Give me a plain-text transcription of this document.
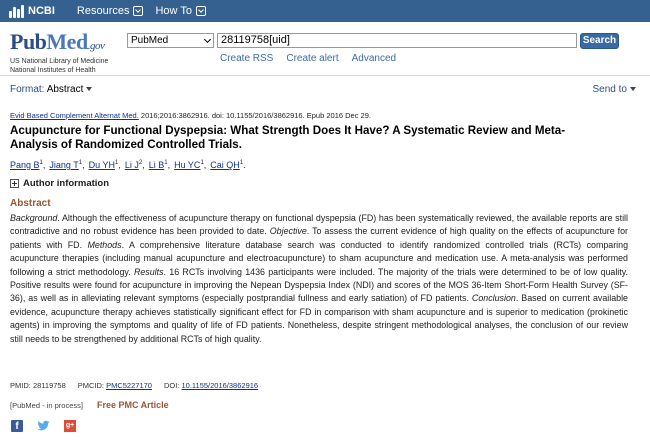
NCBI Resources How To
PubMed.gov
US National Library of Medicine
National Institutes of Health
PubMed	28119758[uid]	Search
Create RSS Create alert Advanced
Format: Abstract	Send to
Evid Based Complement Alternat Med. 2016;2016:3862916. doi: 10.1155/2016/3862916. Epub 2016 Dec 29.
Acupuncture for Functional Dyspepsia: What Strength Does It Have? A Systematic Review and Meta-Analysis of Randomized Controlled Trials.
Pang $B^1$, Jiang $T^1$, Du $YH^1$, Li $J^2$, Li $B^1$, Hu $YC^1$, Cai $QH^1$.
Author information
Abstract
Background. Although the effectiveness of acupuncture therapy on functional dyspepsia (FD) has been systematically reviewed, the available reports are still contradictive and no robust evidence has been provided to date. Objective. To assess the current evidence of high quality on the effects of acupuncture for patients with FD. Methods. A comprehensive literature database search was conducted to identify randomized controlled trials (RCTs) comparing acupuncture therapies (including manual acupuncture and electroacupuncture) to sham acupuncture and medication use. A meta-analysis was performed following a strict methodology. Results. 16 RCTs involving 1436 participants were included. The majority of the trials were determined to be of low quality. Positive results were found for acupuncture in improving the Nepean Dyspepsia Index (NDI) and scores of the MOS 36-Item Short-Form Health Survey (SF-36), as well as in alleviating relevant symptoms (especially postprandial fullness and early satiation) of FD patients. Conclusion. Based on current available evidence, acupuncture therapy achieves statistically significant effect for FD in comparison with sham acupuncture and is superior to medication (prokinetic agents) in improving the symptoms and quality of life of FD patients. Nonetheless, despite stringent methodological analyses, the conclusion of our review still needs to be strengthened by additional RCTs of high quality.
PMID: 28119758 PMCID: PMC5227170 DOI: 10.1155/2016/3862916
[PubMed - in process] Free PMC Article
f	g+
